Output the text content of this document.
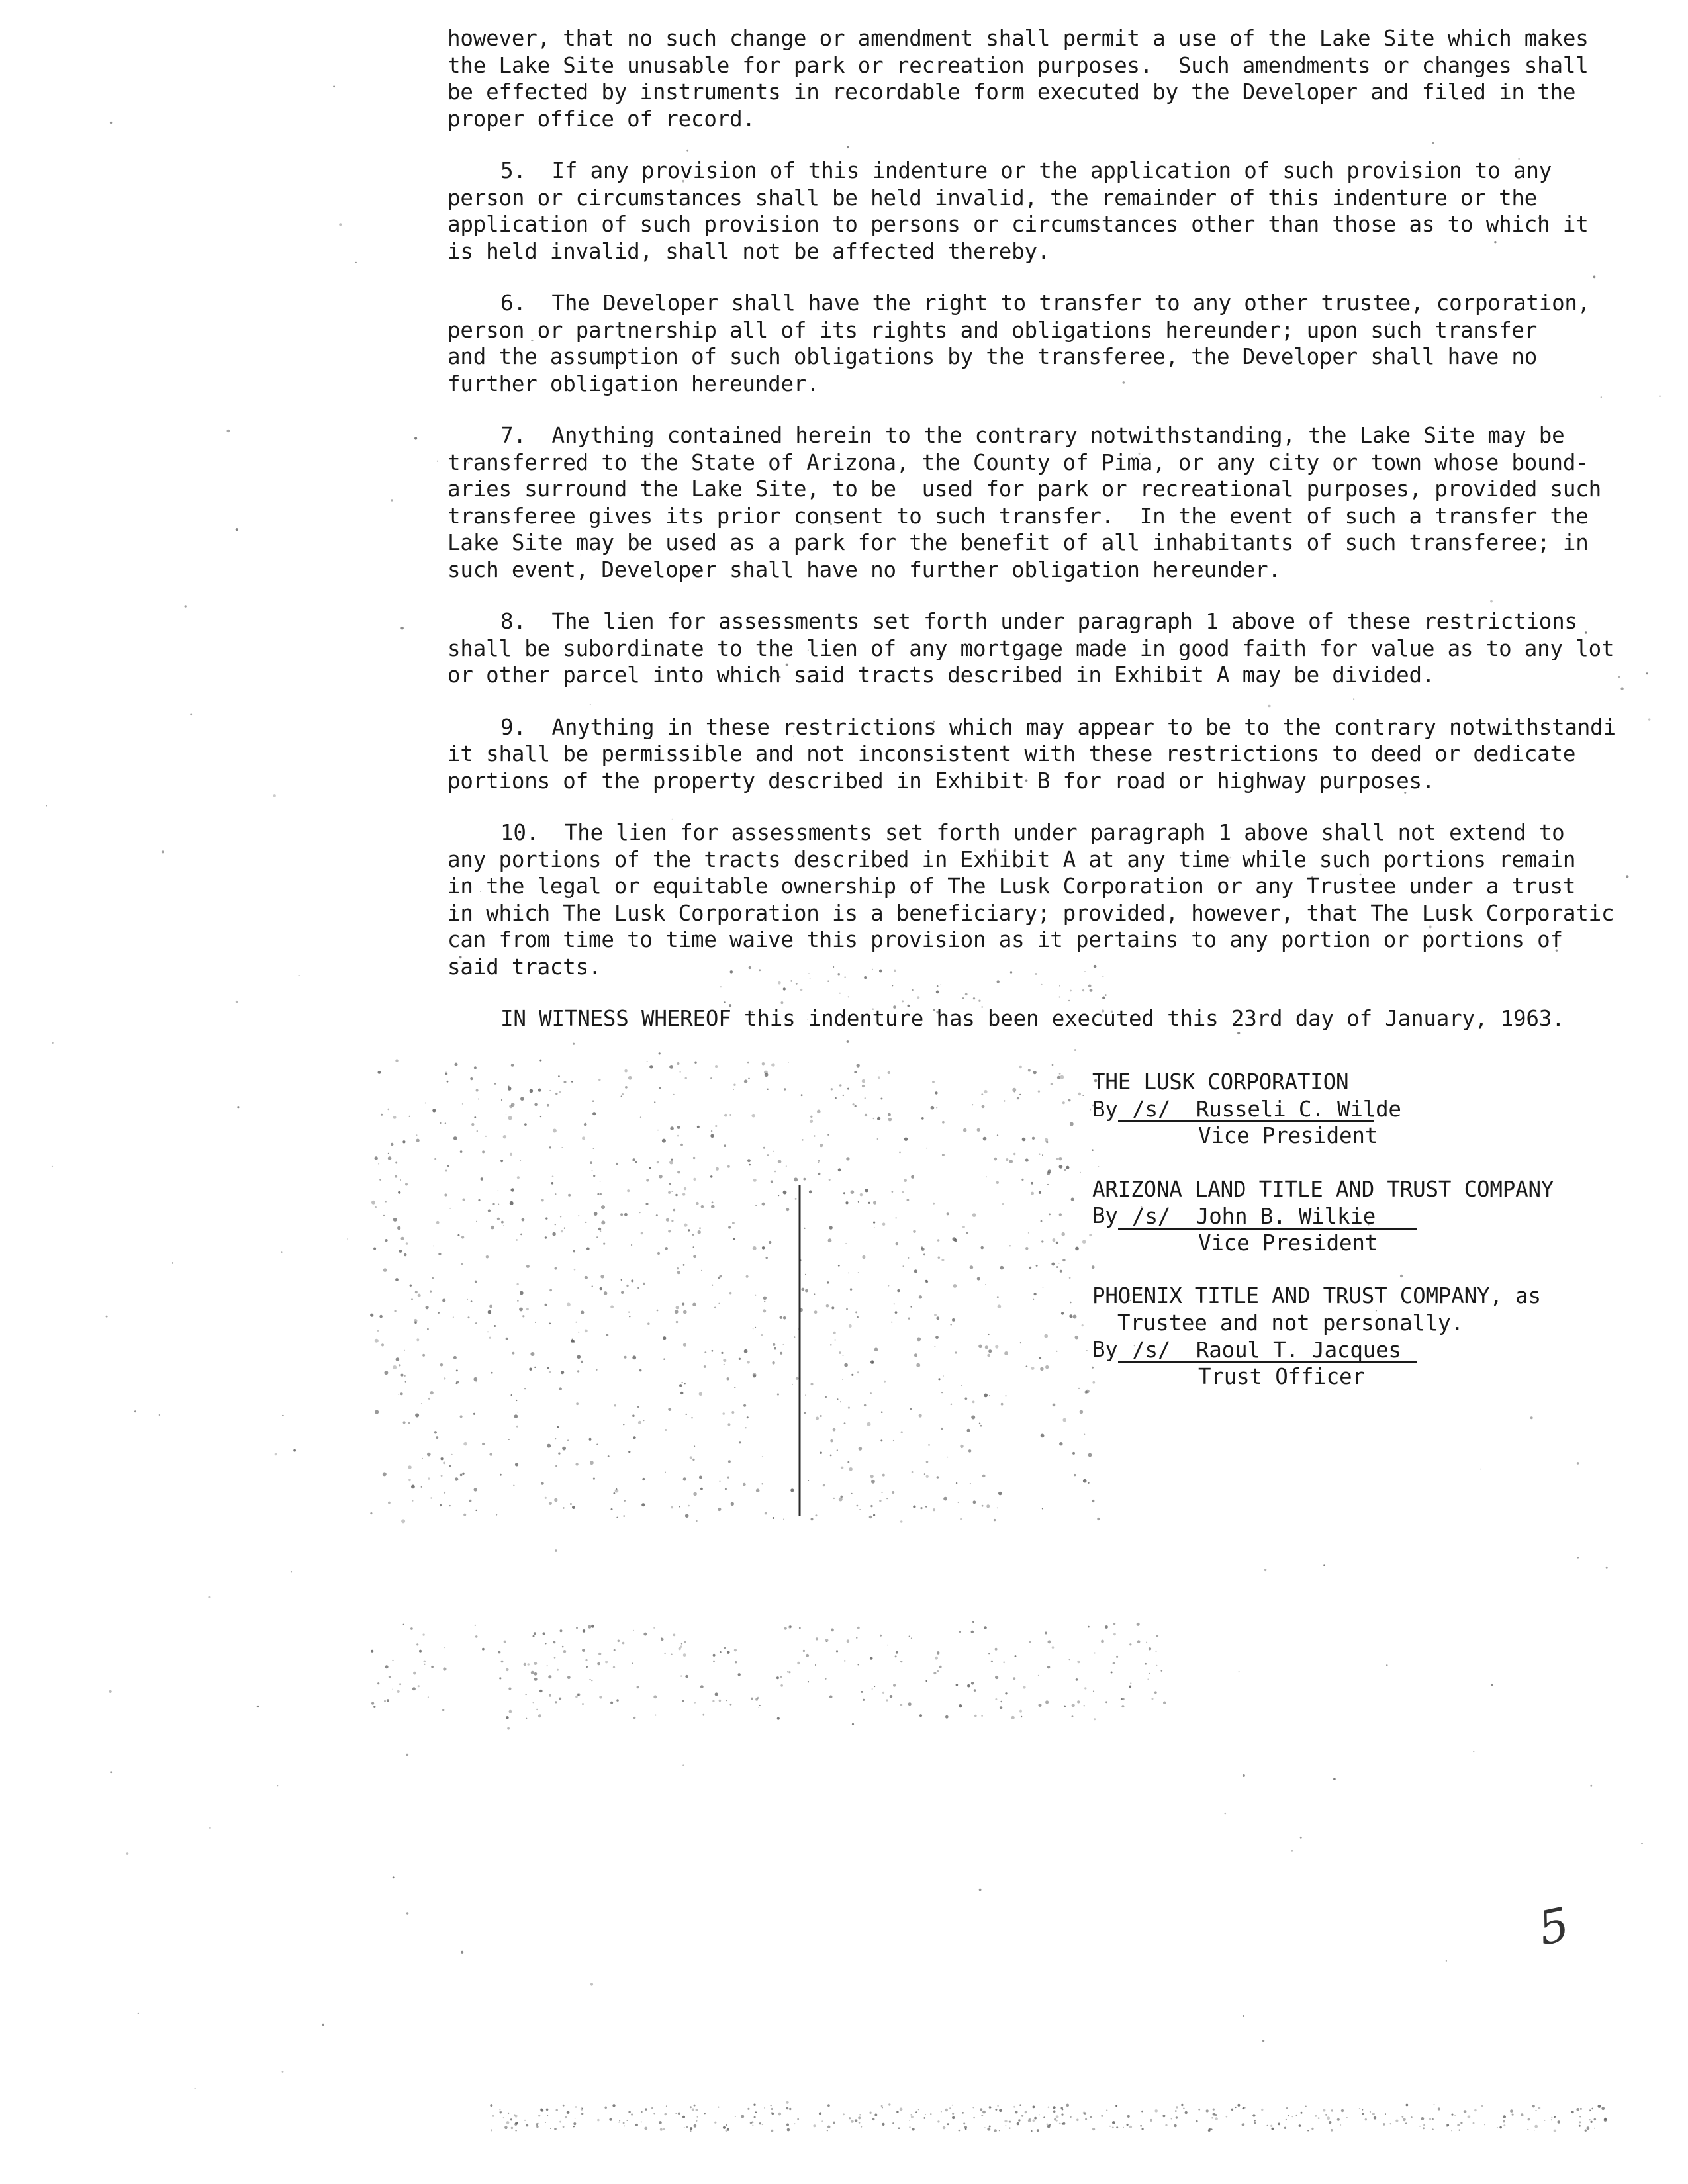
however, that no such change or amendment shall permit a use of the Lake Site which makes
the Lake Site unusable for park or recreation purposes.  Such amendments or changes shall
be effected by instruments in recordable form executed by the Developer and filed in the
proper office of record.

5.  If any provision of this indenture or the application of such provision to any
person or circumstances shall be held invalid, the remainder of this indenture or the
application of such provision to persons or circumstances other than those as to which it
is held invalid, shall not be affected thereby.

6.  The Developer shall have the right to transfer to any other trustee, corporation,
person or partnership all of its rights and obligations hereunder; upon such transfer
and the assumption of such obligations by the transferee, the Developer shall have no
further obligation hereunder.

7.  Anything contained herein to the contrary notwithstanding, the Lake Site may be
transferred to the State of Arizona, the County of Pima, or any city or town whose bound-
aries surround the Lake Site, to be  used for park or recreational purposes, provided such
transferee gives its prior consent to such transfer.  In the event of such a transfer the
Lake Site may be used as a park for the benefit of all inhabitants of such transferee; in
such event, Developer shall have no further obligation hereunder.

8.  The lien for assessments set forth under paragraph 1 above of these restrictions
shall be subordinate to the lien of any mortgage made in good faith for value as to any lot
or other parcel into which said tracts described in Exhibit A may be divided.

9.  Anything in these restrictions which may appear to be to the contrary notwithstandi
it shall be permissible and not inconsistent with these restrictions to deed or dedicate
portions of the property described in Exhibit B for road or highway purposes.

10.  The lien for assessments set forth under paragraph 1 above shall not extend to
any portions of the tracts described in Exhibit A at any time while such portions remain
in the legal or equitable ownership of The Lusk Corporation or any Trustee under a trust
in which The Lusk Corporation is a beneficiary; provided, however, that The Lusk Corporatic
can from time to time waive this provision as it pertains to any portion or portions of
said tracts.

IN WITNESS WHEREOF this indenture has been executed this 23rd day of January, 1963.

THE LUSK CORPORATION
By /s/  Russeli C. Wilde
Vice President
ARIZONA LAND TITLE AND TRUST COMPANY
By /s/  John B. Wilkie
Vice President
PHOENIX TITLE AND TRUST COMPANY, as
Trustee and not personally.
By /s/  Raoul T. Jacques
Trust Officer
5
